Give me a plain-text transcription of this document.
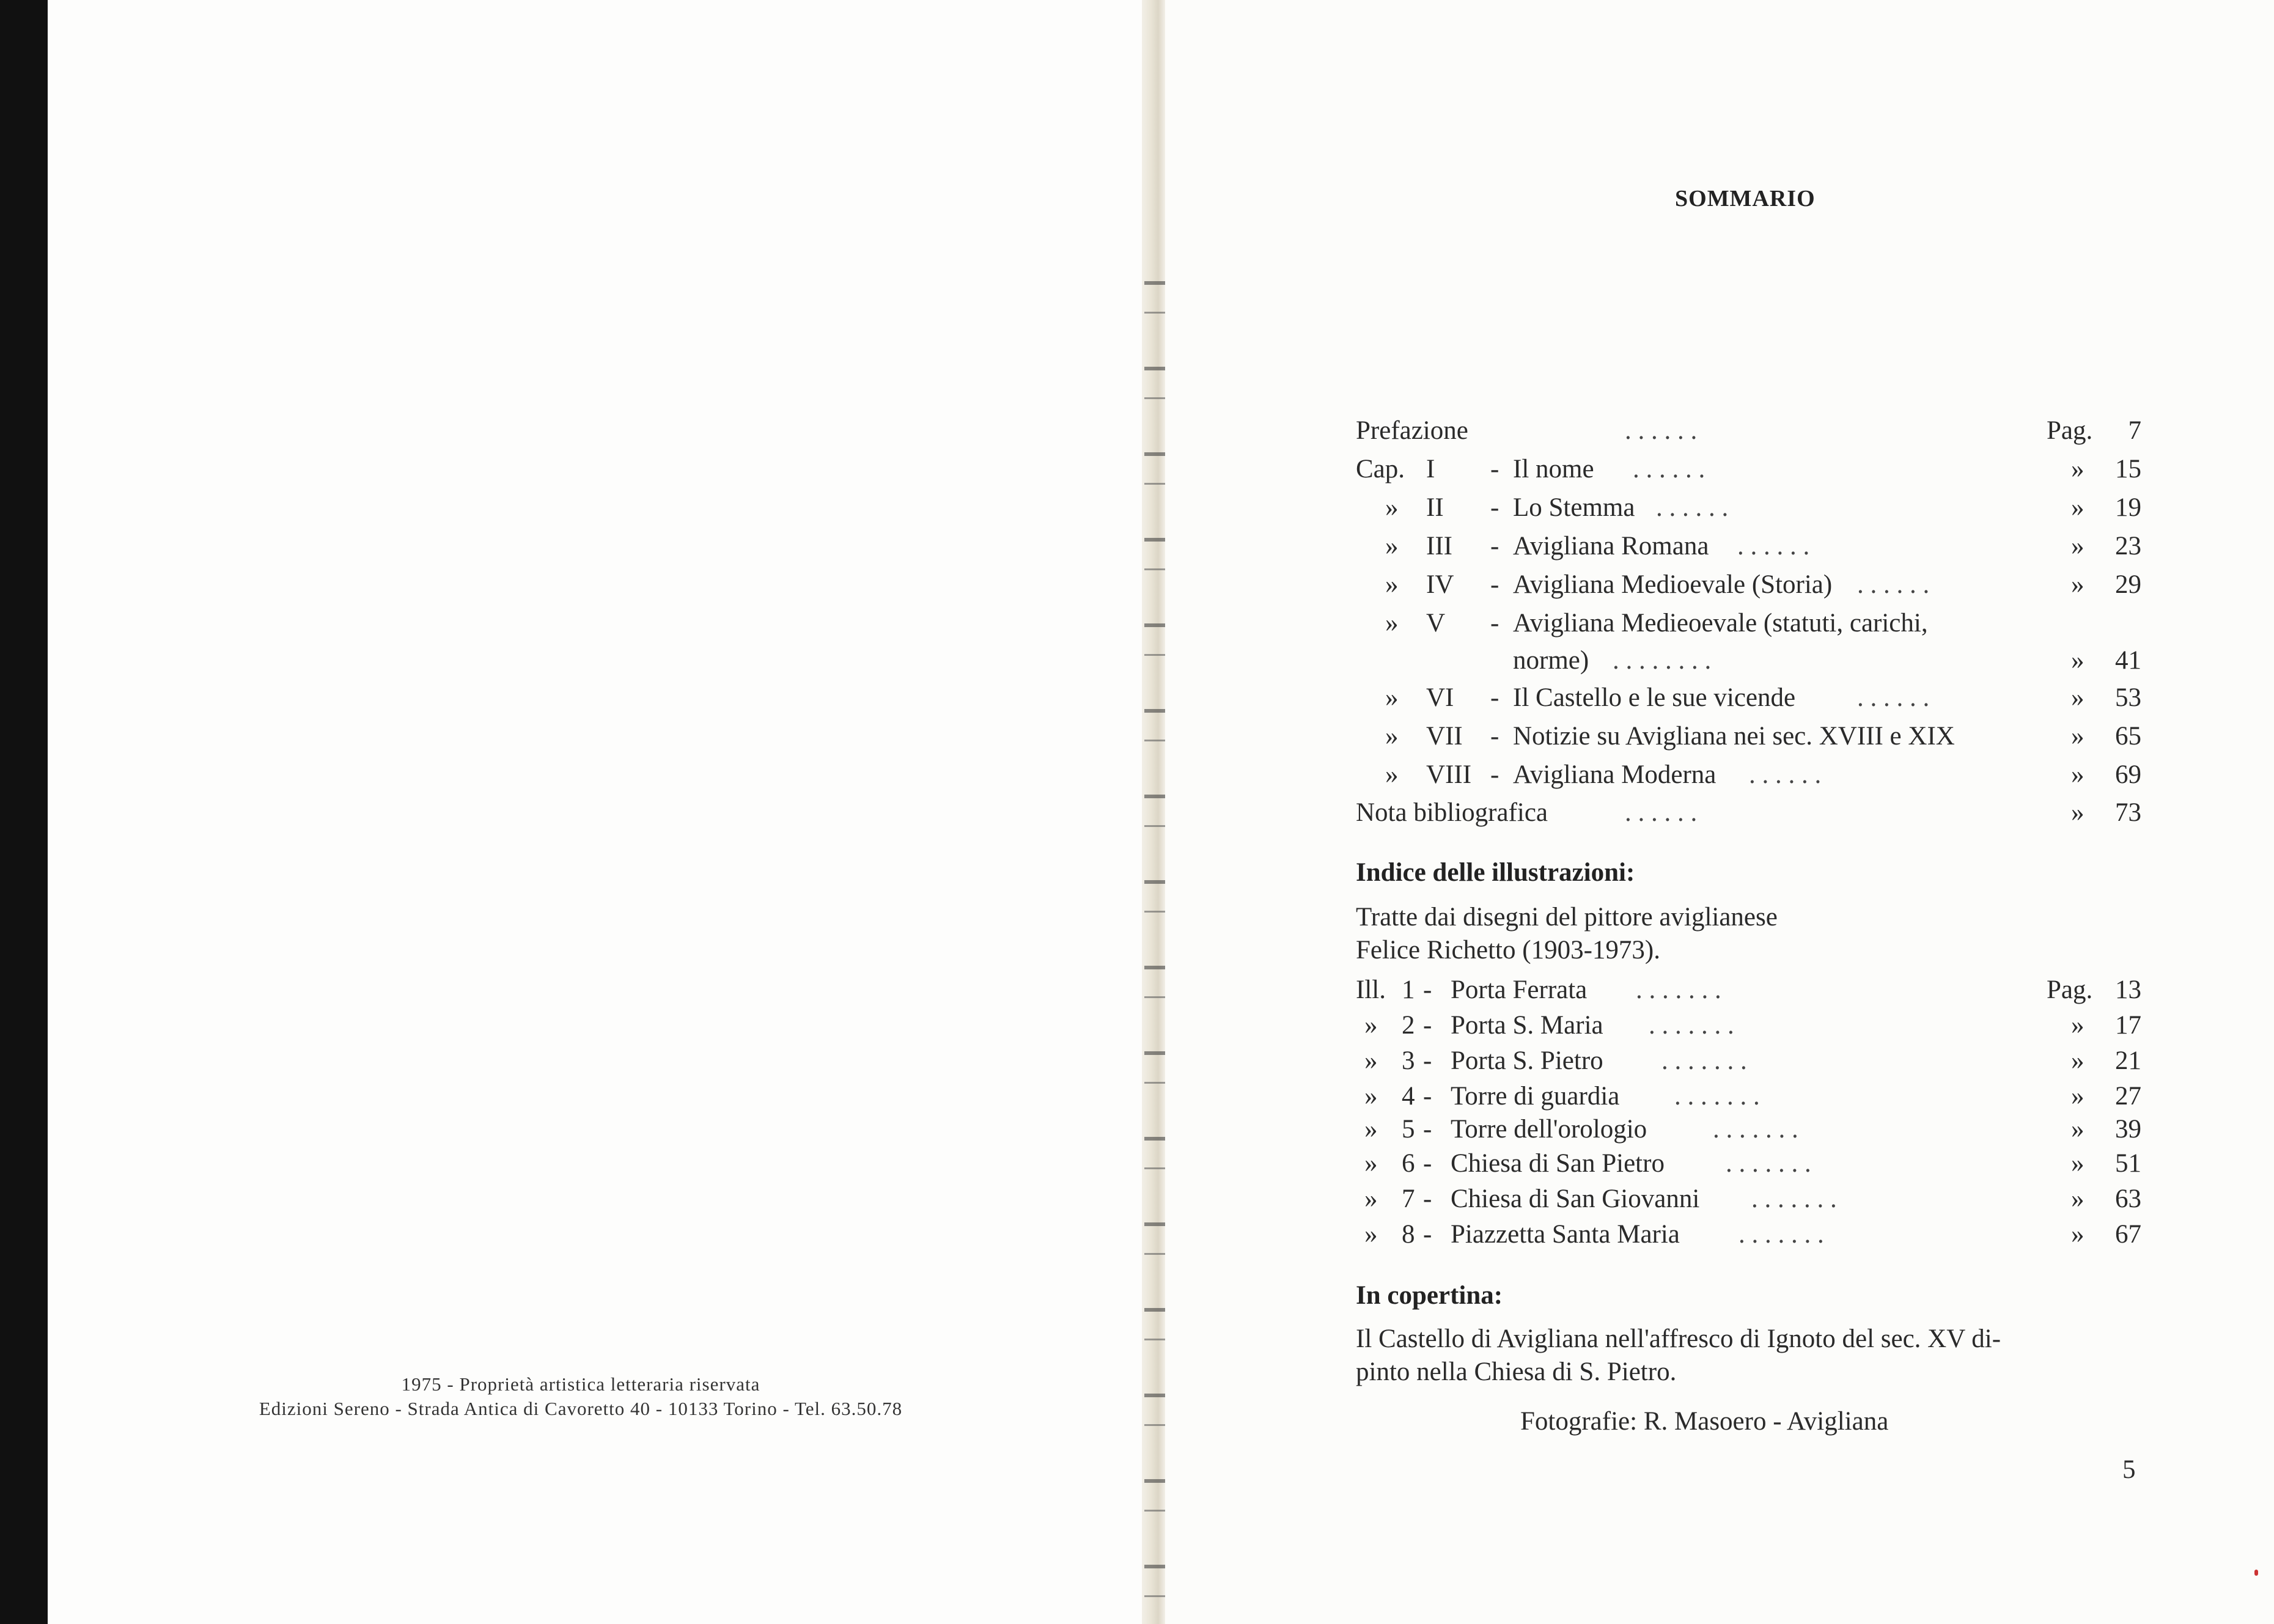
1975 - Proprietà artistica letteraria riservata
Edizioni Sereno - Strada Antica di Cavoretto 40 - 10133 Torino - Tel. 63.50.78
SOMMARIO
Prefazione	. . . . . .	Pag. 7
Cap. I - Il nome . . . . . .	» 15
» II - Lo Stemma . . . . . .	» 19
» III - Avigliana Romana . . . . . .	» 23
» IV - Avigliana Medioevale (Storia) . . . . . .	» 29
» V - Avigliana Medieoevale (statuti, carichi,
norme) . . . . . . . .	» 41
» VI - Il Castello e le sue vicende . . . . . .	» 53
» VII - Notizie su Avigliana nei sec. XVIII e XIX	» 65
» VIII - Avigliana Moderna . . . . . .	» 69
Nota bibliografica	. . . . . .	» 73
Indice delle illustrazioni:
Tratte dai disegni del pittore aviglianese
Felice Richetto (1903-1973).
Ill. 1 - Porta Ferrata . . . . . . .	Pag. 13
» 2 - Porta S. Maria . . . . . . .	» 17
» 3 - Porta S. Pietro . . . . . . .	» 21
» 4 - Torre di guardia . . . . . . .	» 27
» 5 - Torre dell'orologio	. . . . . . .	» 39
» 6 - Chiesa di San Pietro . . . . . . .	» 51
» 7 - Chiesa di San Giovanni . . . . . . .	» 63
» 8 - Piazzetta Santa Maria . . . . . . .	» 67
In copertina:
Il Castello di Avigliana nell'affresco di Ignoto del sec. XV di-
pinto nella Chiesa di S. Pietro.
Fotografie: R. Masoero - Avigliana
5
